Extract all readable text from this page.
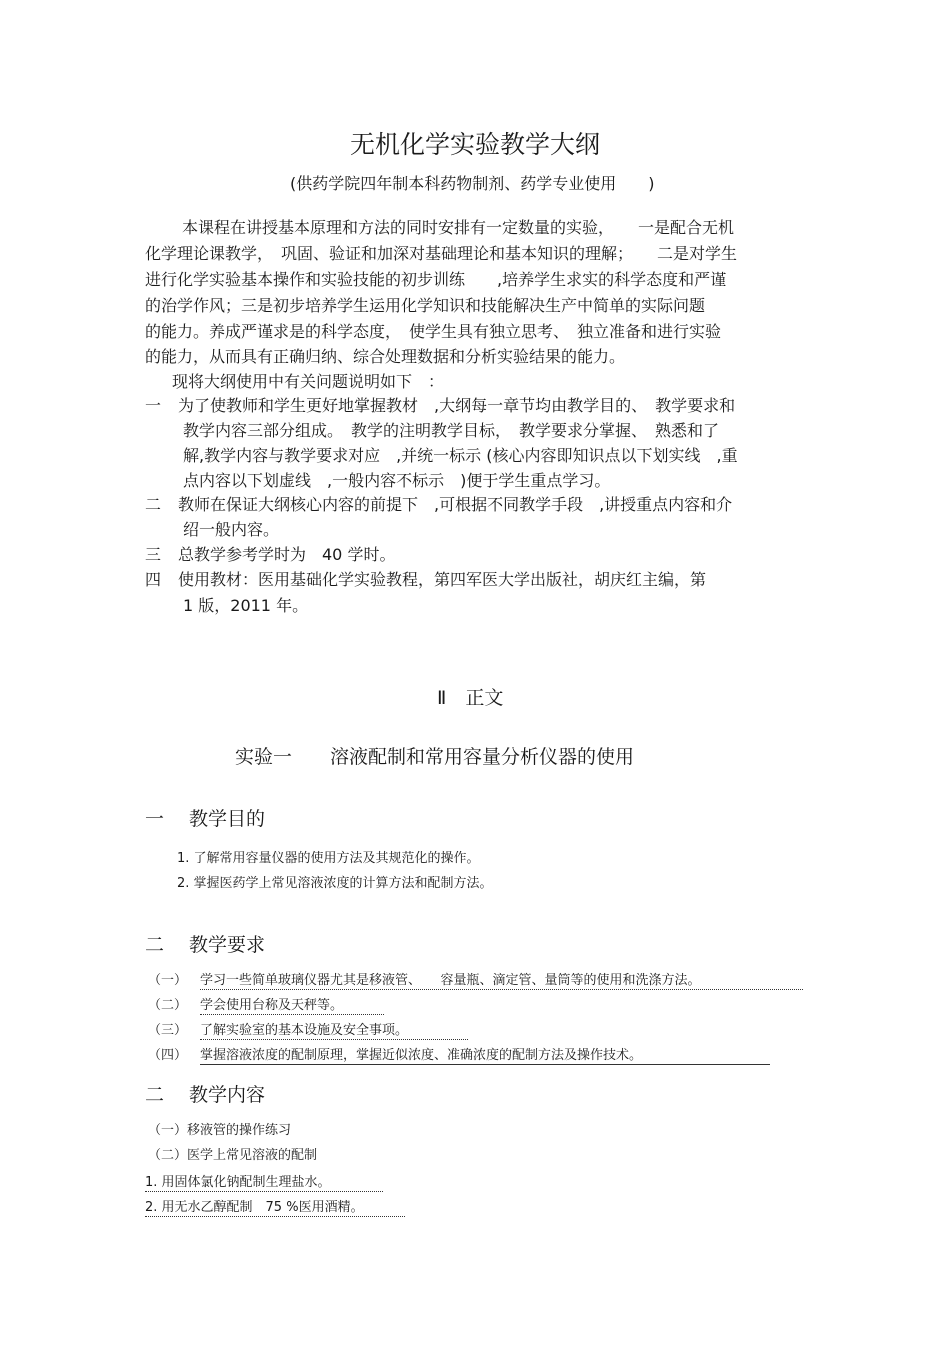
无机化学实验教学大纲
(供药学院四年制本科药物制剂、药学专业使用　　)
本课程在讲授基本原理和方法的同时安排有一定数量的实验，　　一是配合无机
化学理论课教学，　巩固、验证和加深对基础理论和基本知识的理解；　　二是对学生
进行化学实验基本操作和实验技能的初步训练　　,培养学生求实的科学态度和严谨
的治学作风；三是初步培养学生运用化学知识和技能解决生产中简单的实际问题
的能力。养成严谨求是的科学态度，　使学生具有独立思考、　独立准备和进行实验
的能力，从而具有正确归纳、综合处理数据和分析实验结果的能力。
现将大纲使用中有关问题说明如下　：
一 为了使教师和学生更好地掌握教材　,大纲每一章节均由教学目的、　教学要求和
教学内容三部分组成。　教学的注明教学目标，　教学要求分掌握、　熟悉和了
解,教学内容与教学要求对应　,并统一标示 (核心内容即知识点以下划实线　,重
点内容以下划虚线　,一般内容不标示　)便于学生重点学习。
二 教师在保证大纲核心内容的前提下　,可根据不同教学手段　,讲授重点内容和介
绍一般内容。
三 总教学参考学时为　40 学时。
四 使用教材：医用基础化学实验教程，第四军医大学出版社，胡庆红主编，第
1 版，2011 年。
Ⅱ　正文
实验一　　溶液配制和常用容量分析仪器的使用
一 教学目的
1. 了解常用容量仪器的使用方法及其规范化的操作。
2. 掌握医药学上常见溶液浓度的计算方法和配制方法。
二 教学要求
（一） 学习一些简单玻璃仪器尤其是移液管、　　容量瓶、滴定管、量筒等的使用和洗涤方法。
（二） 学会使用台称及天秤等。
（三） 了解实验室的基本设施及安全事项。
（四） 掌握溶液浓度的配制原理，掌握近似浓度、准确浓度的配制方法及操作技术。
二 教学内容
（一）移液管的操作练习
（二）医学上常见溶液的配制
1. 用固体氯化钠配制生理盐水。
2. 用无水乙醇配制　75 %医用酒精。
